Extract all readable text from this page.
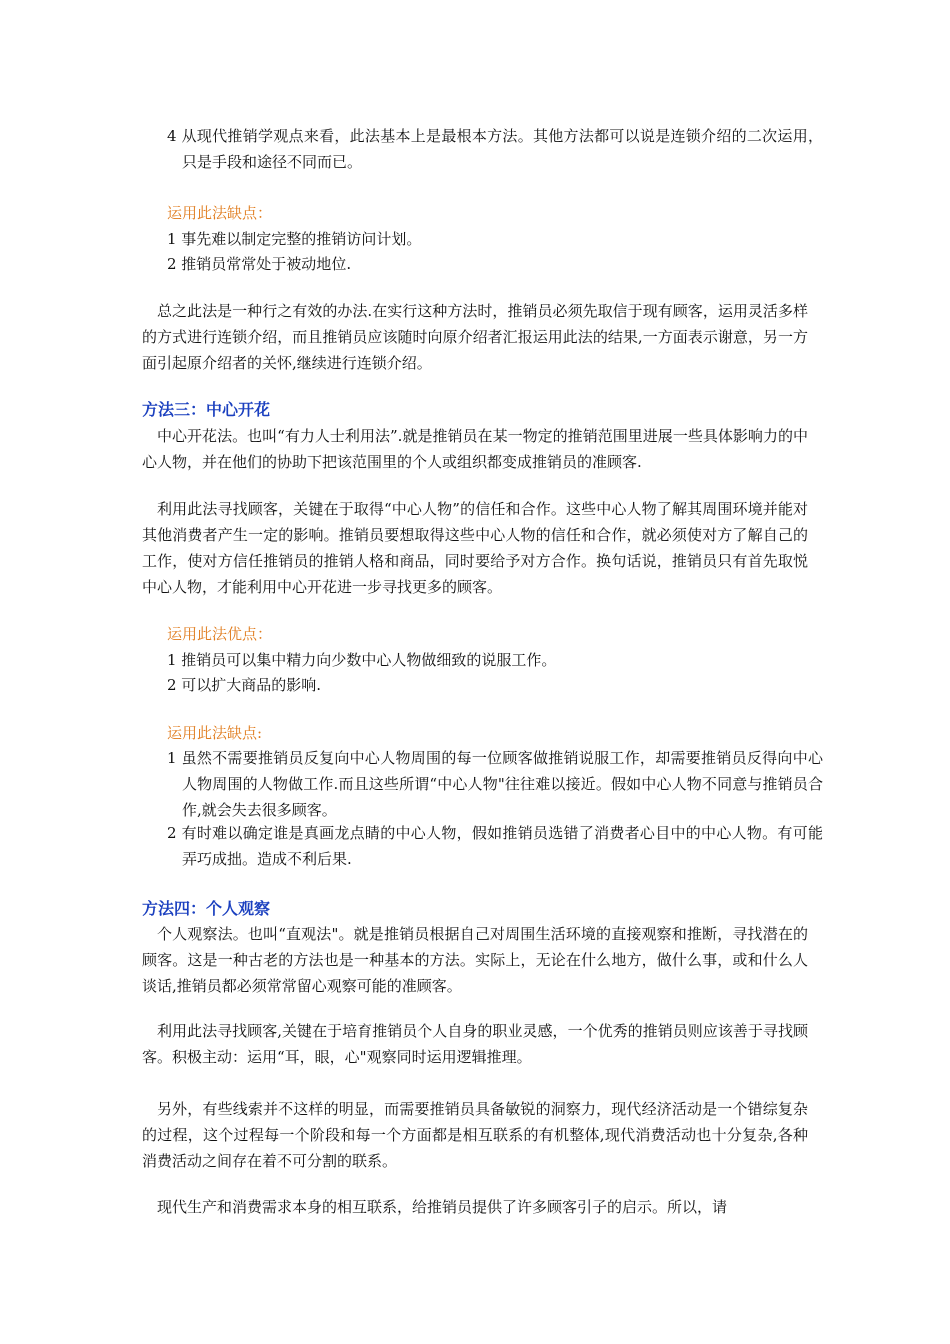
4 从现代推销学观点来看，此法基本上是最根本方法。其他方法都可以说是连锁介绍的二次运用，只是手段和途径不同而已。
运用此法缺点：
1 事先难以制定完整的推销访问计划。
2 推销员常常处于被动地位.
总之此法是一种行之有效的办法.在实行这种方法时，推销员必须先取信于现有顾客，运用灵活多样的方式进行连锁介绍，而且推销员应该随时向原介绍者汇报运用此法的结果,一方面表示谢意，另一方面引起原介绍者的关怀,继续进行连锁介绍。
方法三：中心开花
中心开花法。也叫“有力人士利用法”.就是推销员在某一物定的推销范围里进展一些具体影响力的中心人物，并在他们的协助下把该范围里的个人或组织都变成推销员的准顾客.
利用此法寻找顾客，关键在于取得“中心人物”的信任和合作。这些中心人物了解其周围环境并能对其他消费者产生一定的影响。推销员要想取得这些中心人物的信任和合作，就必须使对方了解自己的工作，使对方信任推销员的推销人格和商品，同时要给予对方合作。换句话说，推销员只有首先取悦中心人物，才能利用中心开花进一步寻找更多的顾客。
运用此法优点：
1 推销员可以集中精力向少数中心人物做细致的说服工作。
2 可以扩大商品的影响.
运用此法缺点:
1 虽然不需要推销员反复向中心人物周围的每一位顾客做推销说服工作，却需要推销员反得向中心人物周围的人物做工作.而且这些所谓“中心人物"往往难以接近。假如中心人物不同意与推销员合作,就会失去很多顾客。
2 有时难以确定谁是真画龙点睛的中心人物，假如推销员选错了消费者心目中的中心人物。有可能弄巧成拙。造成不利后果.
方法四：个人观察
个人观察法。也叫“直观法"。就是推销员根据自己对周围生活环境的直接观察和推断，寻找潜在的顾客。这是一种古老的方法也是一种基本的方法。实际上，无论在什么地方，做什么事，或和什么人谈话,推销员都必须常常留心观察可能的准顾客。
利用此法寻找顾客,关键在于培育推销员个人自身的职业灵感，一个优秀的推销员则应该善于寻找顾客。积极主动：运用“耳，眼，心"观察同时运用逻辑推理。
另外，有些线索并不这样的明显，而需要推销员具备敏锐的洞察力，现代经济活动是一个错综复杂的过程，这个过程每一个阶段和每一个方面都是相互联系的有机整体,现代消费活动也十分复杂,各种消费活动之间存在着不可分割的联系。
现代生产和消费需求本身的相互联系，给推销员提供了许多顾客引子的启示。所以，请
